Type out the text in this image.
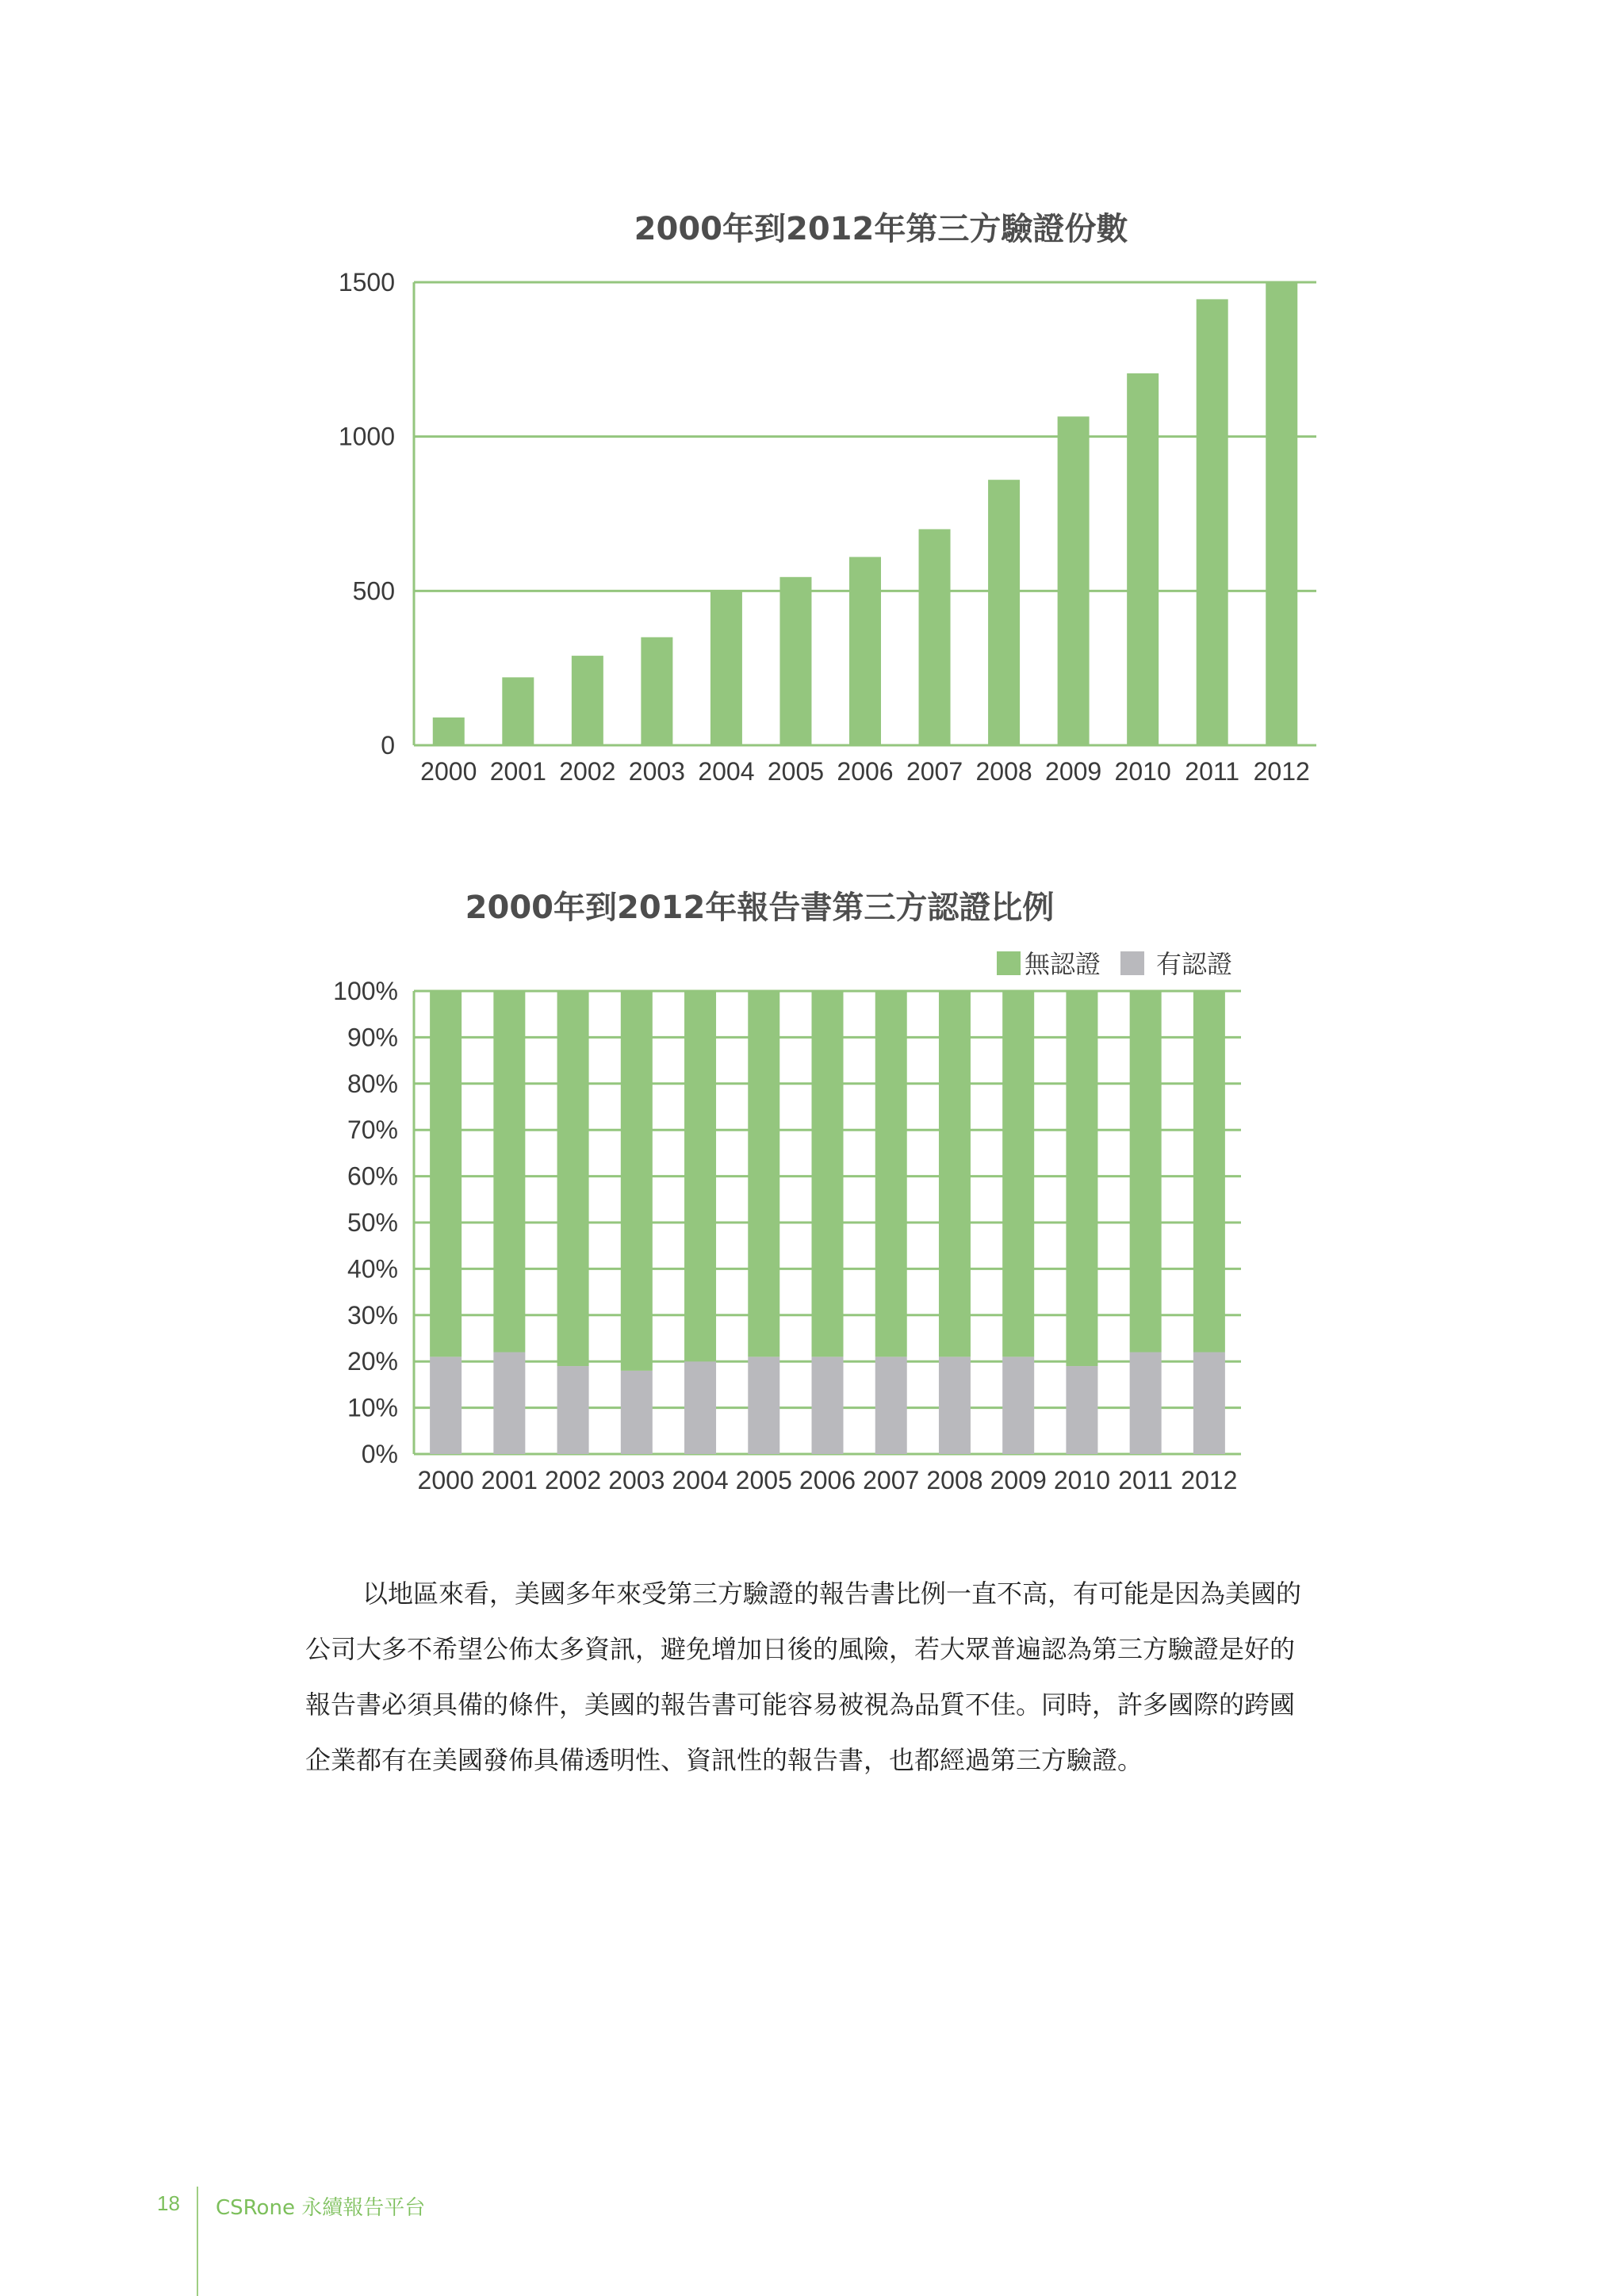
2000年到2012年第三方驗證份數
0
500
1000
1500
2000 2001 2002 2003 2004 2005 2006 2007 2008 2009 2010 2011 2012
2000年到2012年報告書第三方認證比例
無認證 有認證
0%
10%
20%
30%
40%
50%
60%
70%
80%
90%
100%
2000 2001 2002 2003 2004 2005 2006 2007 2008 2009 2010 2011 2012
以地區來看，美國多年來受第三方驗證的報告書比例一直不高，有可能是因為美國的
公司大多不希望公佈太多資訊，避免增加日後的風險，若大眾普遍認為第三方驗證是好的
報告書必須具備的條件，美國的報告書可能容易被視為品質不佳。同時，許多國際的跨國
企業都有在美國發佈具備透明性、資訊性的報告書，也都經過第三方驗證。
18 CSRone 永續報告平台
